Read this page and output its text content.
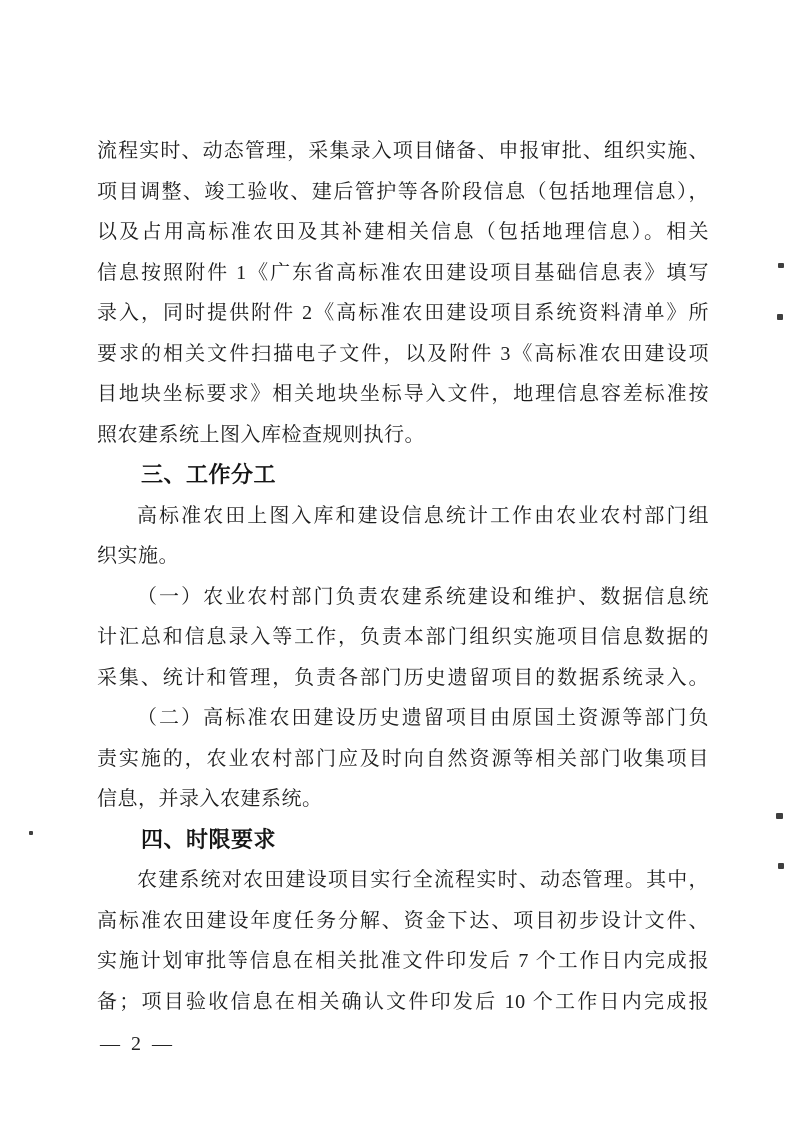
流程实时、动态管理，采集录入项目储备、申报审批、组织实施、

项目调整、竣工验收、建后管护等各阶段信息（包括地理信息），

以及占用高标准农田及其补建相关信息（包括地理信息）。相关

信息按照附件 1《广东省高标准农田建设项目基础信息表》填写

录入，同时提供附件 2《高标准农田建设项目系统资料清单》所

要求的相关文件扫描电子文件，以及附件 3《高标准农田建设项

目地块坐标要求》相关地块坐标导入文件，地理信息容差标准按

照农建系统上图入库检查规则执行。

三、工作分工

高标准农田上图入库和建设信息统计工作由农业农村部门组

织实施。

（一）农业农村部门负责农建系统建设和维护、数据信息统

计汇总和信息录入等工作，负责本部门组织实施项目信息数据的

采集、统计和管理，负责各部门历史遗留项目的数据系统录入。

（二）高标准农田建设历史遗留项目由原国土资源等部门负

责实施的，农业农村部门应及时向自然资源等相关部门收集项目

信息，并录入农建系统。

四、时限要求

农建系统对农田建设项目实行全流程实时、动态管理。其中，

高标准农田建设年度任务分解、资金下达、项目初步设计文件、

实施计划审批等信息在相关批准文件印发后 7 个工作日内完成报

备；项目验收信息在相关确认文件印发后 10 个工作日内完成报

— 2 —
